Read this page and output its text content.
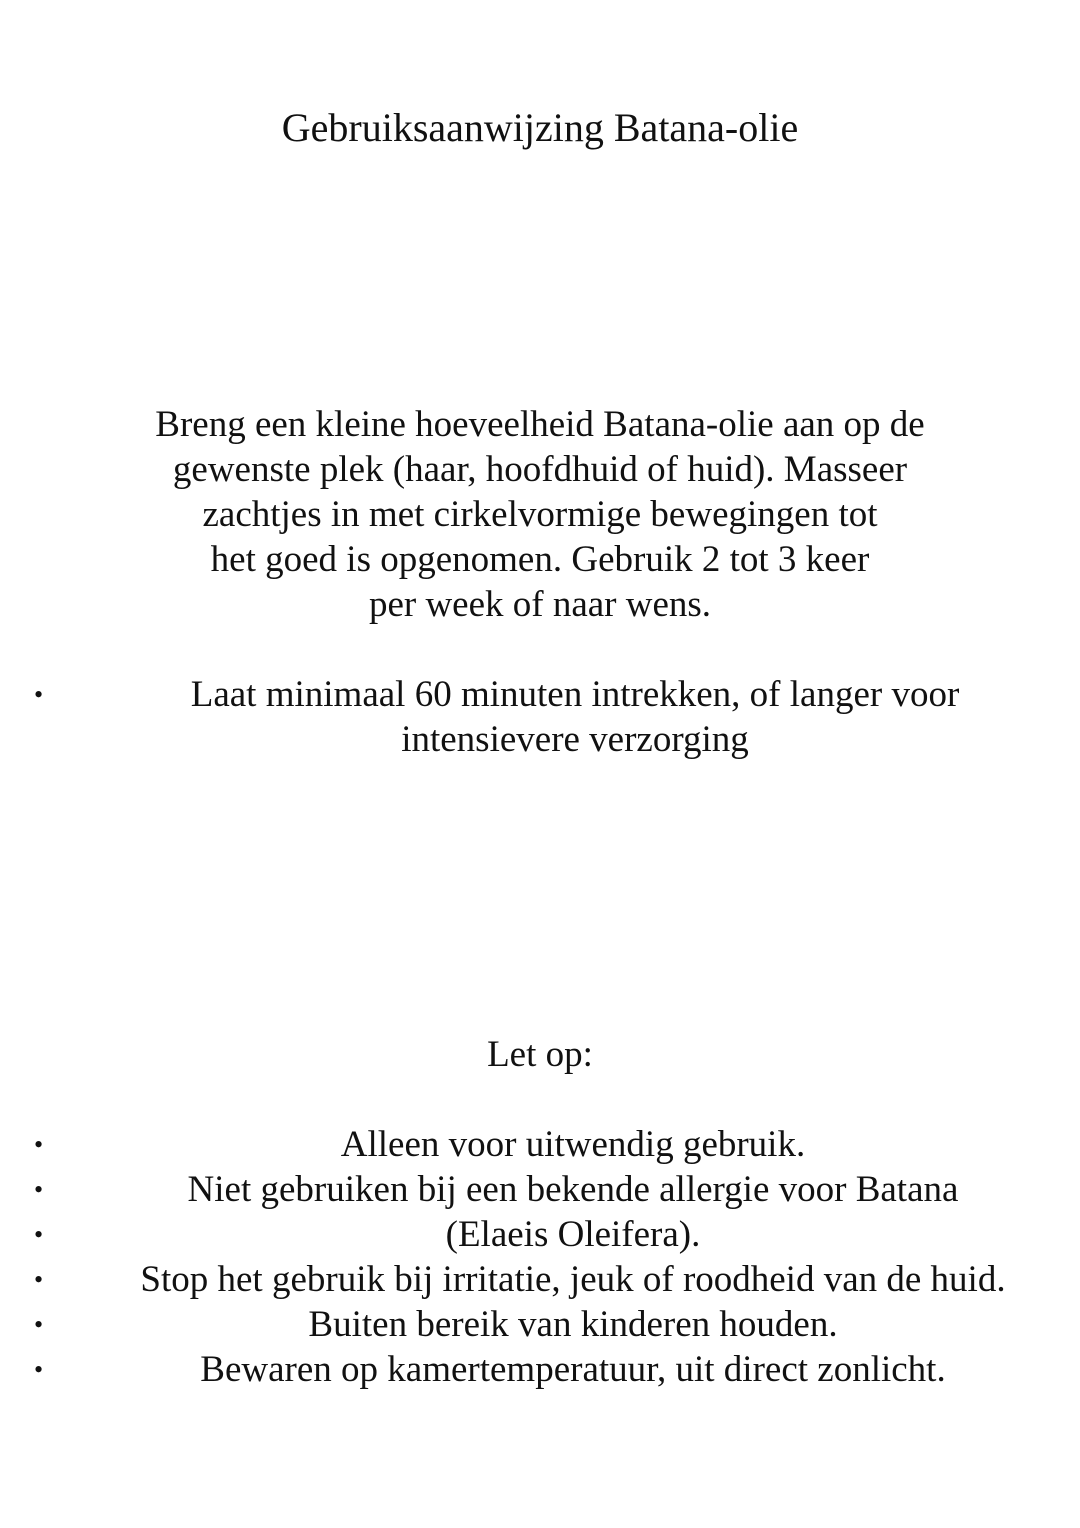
Gebruiksaanwijzing Batana-olie
Breng een kleine hoeveelheid Batana-olie aan op de
gewenste plek (haar, hoofdhuid of huid). Masseer
zachtjes in met cirkelvormige bewegingen tot
het goed is opgenomen. Gebruik 2 tot 3 keer
per week of naar wens.
•	Laat minimaal 60 minuten intrekken, of langer voor
intensievere verzorging
Let op:
•	Alleen voor uitwendig gebruik.
•	Niet gebruiken bij een bekende allergie voor Batana
•	(Elaeis Oleifera).
•	Stop het gebruik bij irritatie, jeuk of roodheid van de huid.
•	Buiten bereik van kinderen houden.
•	Bewaren op kamertemperatuur, uit direct zonlicht.
